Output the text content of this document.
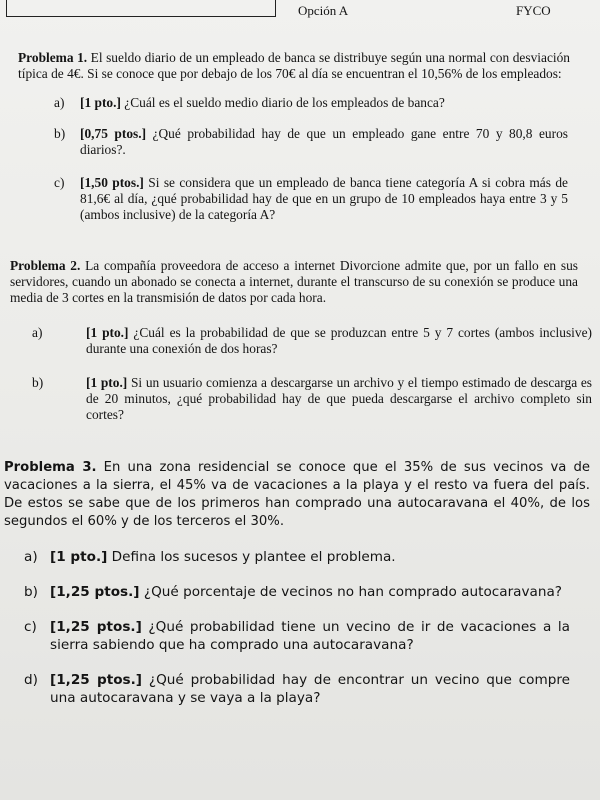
Opción A	FYCO

Problema 1. El sueldo diario de un empleado de banca se distribuye según una normal con desviación típica de 4€. Si se conoce que por debajo de los 70€ al día se encuentran el 10,56% de los empleados:

a) [1 pto.] ¿Cuál es el sueldo medio diario de los empleados de banca?
b) [0,75 ptos.] ¿Qué probabilidad hay de que un empleado gane entre 70 y 80,8 euros diarios?.
c) [1,50 ptos.] Si se considera que un empleado de banca tiene categoría A si cobra más de 81,6€ al día, ¿qué probabilidad hay de que en un grupo de 10 empleados haya entre 3 y 5 (ambos inclusive) de la categoría A?

Problema 2. La compañía proveedora de acceso a internet Divorcione admite que, por un fallo en sus servidores, cuando un abonado se conecta a internet, durante el transcurso de su conexión se produce una media de 3 cortes en la transmisión de datos por cada hora.

a)	[1 pto.] ¿Cuál es la probabilidad de que se produzcan entre 5 y 7 cortes (ambos inclusive) durante una conexión de dos horas?
b)	[1 pto.] Si un usuario comienza a descargarse un archivo y el tiempo estimado de descarga es de 20 minutos, ¿qué probabilidad hay de que pueda descargarse el archivo completo sin cortes?

Problema 3. En una zona residencial se conoce que el 35% de sus vecinos va de vacaciones a la sierra, el 45% va de vacaciones a la playa y el resto va fuera del país. De estos se sabe que de los primeros han comprado una autocaravana el 40%, de los segundos el 60% y de los terceros el 30%.

a) [1 pto.] Defina los sucesos y plantee el problema.
b) [1,25 ptos.] ¿Qué porcentaje de vecinos no han comprado autocaravana?
c) [1,25 ptos.] ¿Qué probabilidad tiene un vecino de ir de vacaciones a la sierra sabiendo que ha comprado una autocaravana?
d) [1,25 ptos.] ¿Qué probabilidad hay de encontrar un vecino que compre una autocaravana y se vaya a la playa?
